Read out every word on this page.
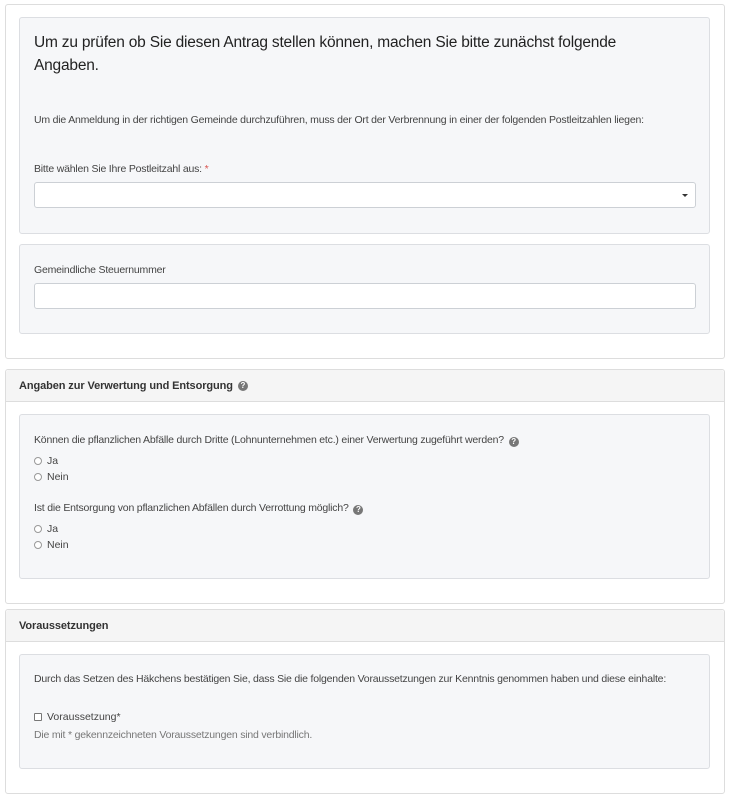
Um zu prüfen ob Sie diesen Antrag stellen können, machen Sie bitte zunächst folgende Angaben.
Um die Anmeldung in der richtigen Gemeinde durchzuführen, muss der Ort der Verbrennung in einer der folgenden Postleitzahlen liegen:
Bitte wählen Sie Ihre Postleitzahl aus: *
Gemeindliche Steuernummer
Angaben zur Verwertung und Entsorgung ?
Können die pflanzlichen Abfälle durch Dritte (Lohnunternehmen etc.) einer Verwertung zugeführt werden? ?
Ja
Nein
Ist die Entsorgung von pflanzlichen Abfällen durch Verrottung möglich? ?
Ja
Nein
Voraussetzungen
Durch das Setzen des Häkchens bestätigen Sie, dass Sie die folgenden Voraussetzungen zur Kenntnis genommen haben und diese einhalte:
Voraussetzung*
Die mit * gekennzeichneten Voraussetzungen sind verbindlich.
